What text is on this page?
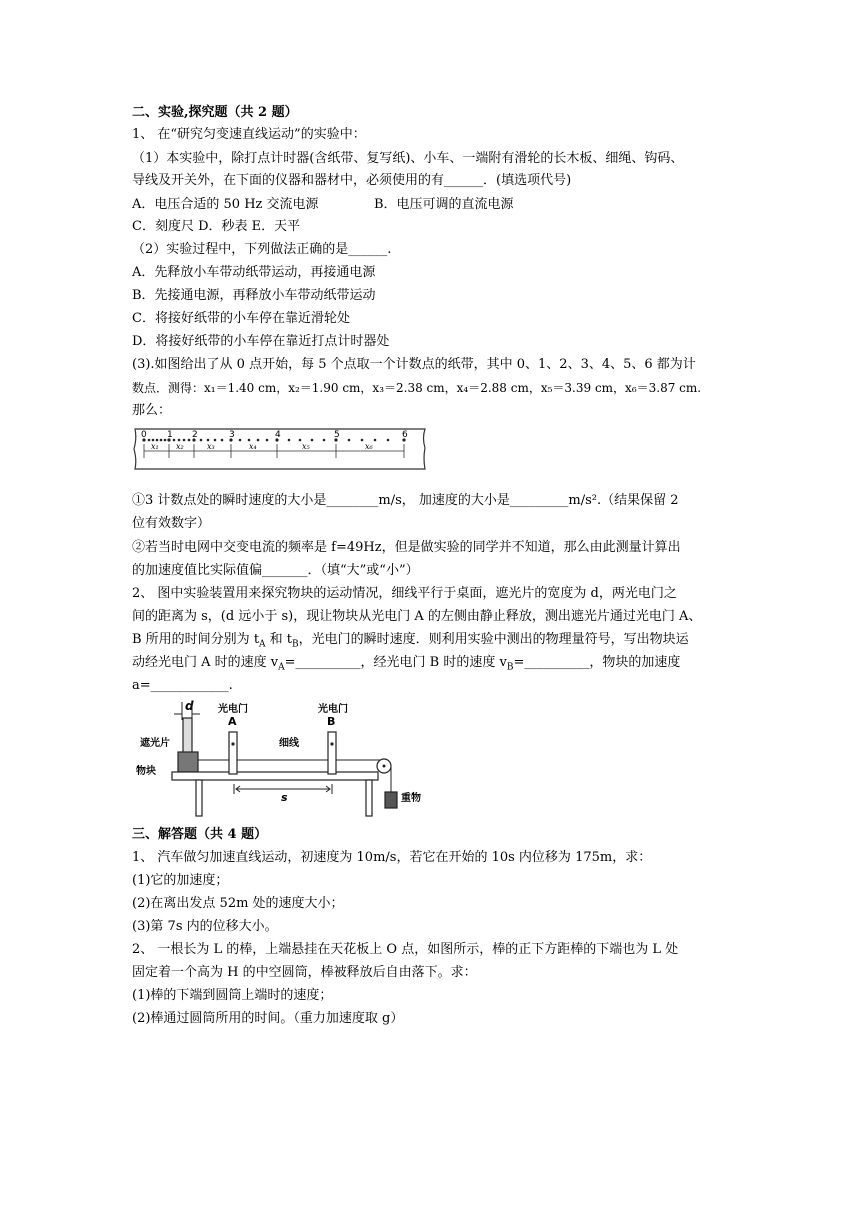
二、实验,探究题（共 2 题）
1、 在“研究匀变速直线运动”的实验中：
（1）本实验中，除打点计时器(含纸带、复写纸)、小车、一端附有滑轮的长木板、细绳、钩码、
导线及开关外，在下面的仪器和器材中，必须使用的有______．(填选项代号)
A．电压合适的 50 Hz 交流电源	B．电压可调的直流电源
C．刻度尺 D．秒表 E．天平
（2）实验过程中，下列做法正确的是______.
A．先释放小车带动纸带运动，再接通电源
B．先接通电源，再释放小车带动纸带运动
C．将接好纸带的小车停在靠近滑轮处
D．将接好纸带的小车停在靠近打点计时器处
(3).如图给出了从 0 点开始，每 5 个点取一个计数点的纸带，其中 0、1、2、3、4、5、6 都为计
数点．测得：x₁＝1.40 cm，x₂＝1.90 cm，x₃＝2.38 cm，x₄＝2.88 cm，x₅＝3.39 cm，x₆＝3.87 cm.
那么：
0 1 2	3	4	5	6
x₁ x₂	x₃	x₄	x₅	x₆
①3 计数点处的瞬时速度的大小是________m/s， 加速度的大小是_________m/s².（结果保留 2
位有效数字）
②若当时电网中交变电流的频率是 f=49Hz，但是做实验的同学并不知道，那么由此测量计算出
的加速度值比实际值偏_______．（填“大”或“小”）
2、 图中实验装置用来探究物块的运动情况，细线平行于桌面，遮光片的宽度为 d，两光电门之
间的距离为 s，(d 远小于 s)，现让物块从光电门 A 的左侧由静止释放，测出遮光片通过光电门 A、
B 所用的时间分别为 $t_A$ 和 $t_B$，光电门的瞬时速度．则利用实验中测出的物理量符号，写出物块运
动经光电门 A 时的速度 $v_A=\_\_\_\_\_\_\_\_\_\_$，经光电门 B 时的速度 $v_B=\_\_\_\_\_\_\_\_\_\_$，物块的加速度
a=____________.
d 光电门
A
光电门
B
遮光片	细线
物块
s	重物
三、解答题（共 4 题）
1、 汽车做匀加速直线运动，初速度为 10m/s，若它在开始的 10s 内位移为 175m，求：
(1)它的加速度；
(2)在离出发点 52m 处的速度大小；
(3)第 7s 内的位移大小。
2、 一根长为 L 的棒，上端悬挂在天花板上 O 点，如图所示，棒的正下方距棒的下端也为 L 处
固定着一个高为 H 的中空圆筒，棒被释放后自由落下。求：
(1)棒的下端到圆筒上端时的速度；
(2)棒通过圆筒所用的时间。（重力加速度取 g）
